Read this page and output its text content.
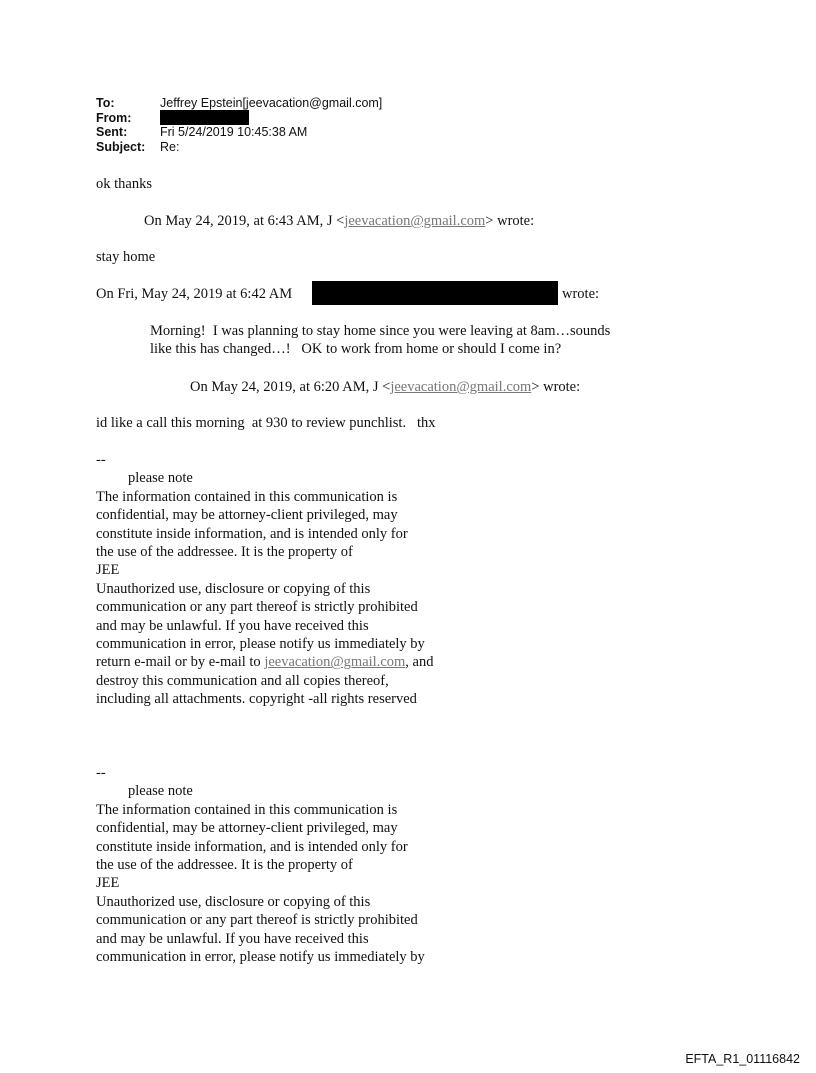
To:	Jeffrey Epstein[jeevacation@gmail.com]
From:
Sent:	Fri 5/24/2019 10:45:38 AM
Subject:	Re:
ok thanks
On May 24, 2019, at 6:43 AM, J <jeevacation@gmail.com> wrote:
stay home
On Fri, May 24, 2019 at 6:42 AM	wrote:
Morning!  I was planning to stay home since you were leaving at 8am…sounds
like this has changed…!   OK to work from home or should I come in?
On May 24, 2019, at 6:20 AM, J <jeevacation@gmail.com> wrote:
id like a call this morning  at 930 to review punchlist.   thx
--
please note
The information contained in this communication is
confidential, may be attorney-client privileged, may
constitute inside information, and is intended only for
the use of the addressee. It is the property of
JEE
Unauthorized use, disclosure or copying of this
communication or any part thereof is strictly prohibited
and may be unlawful. If you have received this
communication in error, please notify us immediately by
return e-mail or by e-mail to jeevacation@gmail.com, and
destroy this communication and all copies thereof,
including all attachments. copyright -all rights reserved
--
please note
The information contained in this communication is
confidential, may be attorney-client privileged, may
constitute inside information, and is intended only for
the use of the addressee. It is the property of
JEE
Unauthorized use, disclosure or copying of this
communication or any part thereof is strictly prohibited
and may be unlawful. If you have received this
communication in error, please notify us immediately by
EFTA_R1_01116842
